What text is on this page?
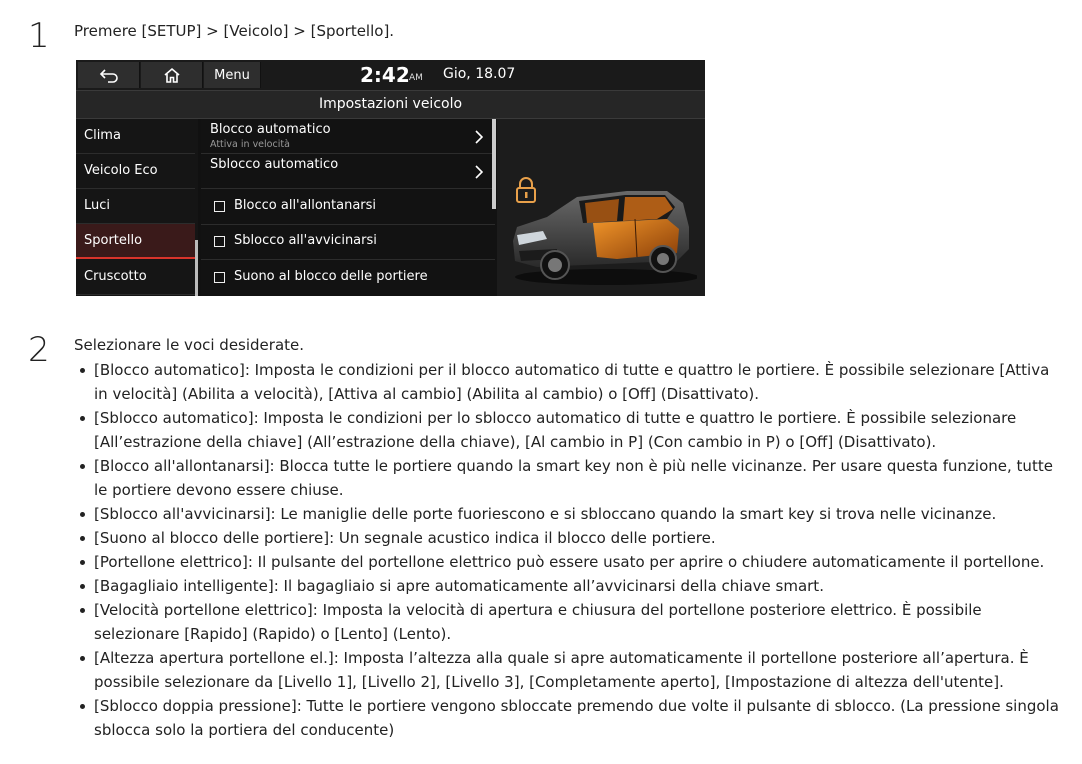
1 Premere [SETUP] > [Veicolo] > [Sportello].
Menu	2:42 AM Gio, 18.07
Impostazioni veicolo
Clima
Veicolo Eco
Luci
Sportello
Cruscotto
Blocco automatico
Attiva in velocità
Sblocco automatico
Blocco all'allontanarsi
Sblocco all'avvicinarsi
Suono al blocco delle portiere
2 Selezionare le voci desiderate.
[Blocco automatico]: Imposta le condizioni per il blocco automatico di tutte e quattro le portiere. È possibile selezionare [Attiva in velocità] (Abilita a velocità), [Attiva al cambio] (Abilita al cambio) o [Off] (Disattivato).
[Sblocco automatico]: Imposta le condizioni per lo sblocco automatico di tutte e quattro le portiere. È possibile selezionare [All’estrazione della chiave] (All’estrazione della chiave), [Al cambio in P] (Con cambio in P) o [Off] (Disattivato).
[Blocco all'allontanarsi]: Blocca tutte le portiere quando la smart key non è più nelle vicinanze. Per usare questa funzione, tutte le portiere devono essere chiuse.
[Sblocco all'avvicinarsi]: Le maniglie delle porte fuoriescono e si sbloccano quando la smart key si trova nelle vicinanze.
[Suono al blocco delle portiere]: Un segnale acustico indica il blocco delle portiere.
[Portellone elettrico]: Il pulsante del portellone elettrico può essere usato per aprire o chiudere automaticamente il portellone.
[Bagagliaio intelligente]: Il bagagliaio si apre automaticamente all’avvicinarsi della chiave smart.
[Velocità portellone elettrico]: Imposta la velocità di apertura e chiusura del portellone posteriore elettrico. È possibile selezionare [Rapido] (Rapido) o [Lento] (Lento).
[Altezza apertura portellone el.]: Imposta l’altezza alla quale si apre automaticamente il portellone posteriore all’apertura. È possibile selezionare da [Livello 1], [Livello 2], [Livello 3], [Completamente aperto], [Impostazione di altezza dell'utente].
[Sblocco doppia pressione]: Tutte le portiere vengono sbloccate premendo due volte il pulsante di sblocco. (La pressione singola sblocca solo la portiera del conducente)
